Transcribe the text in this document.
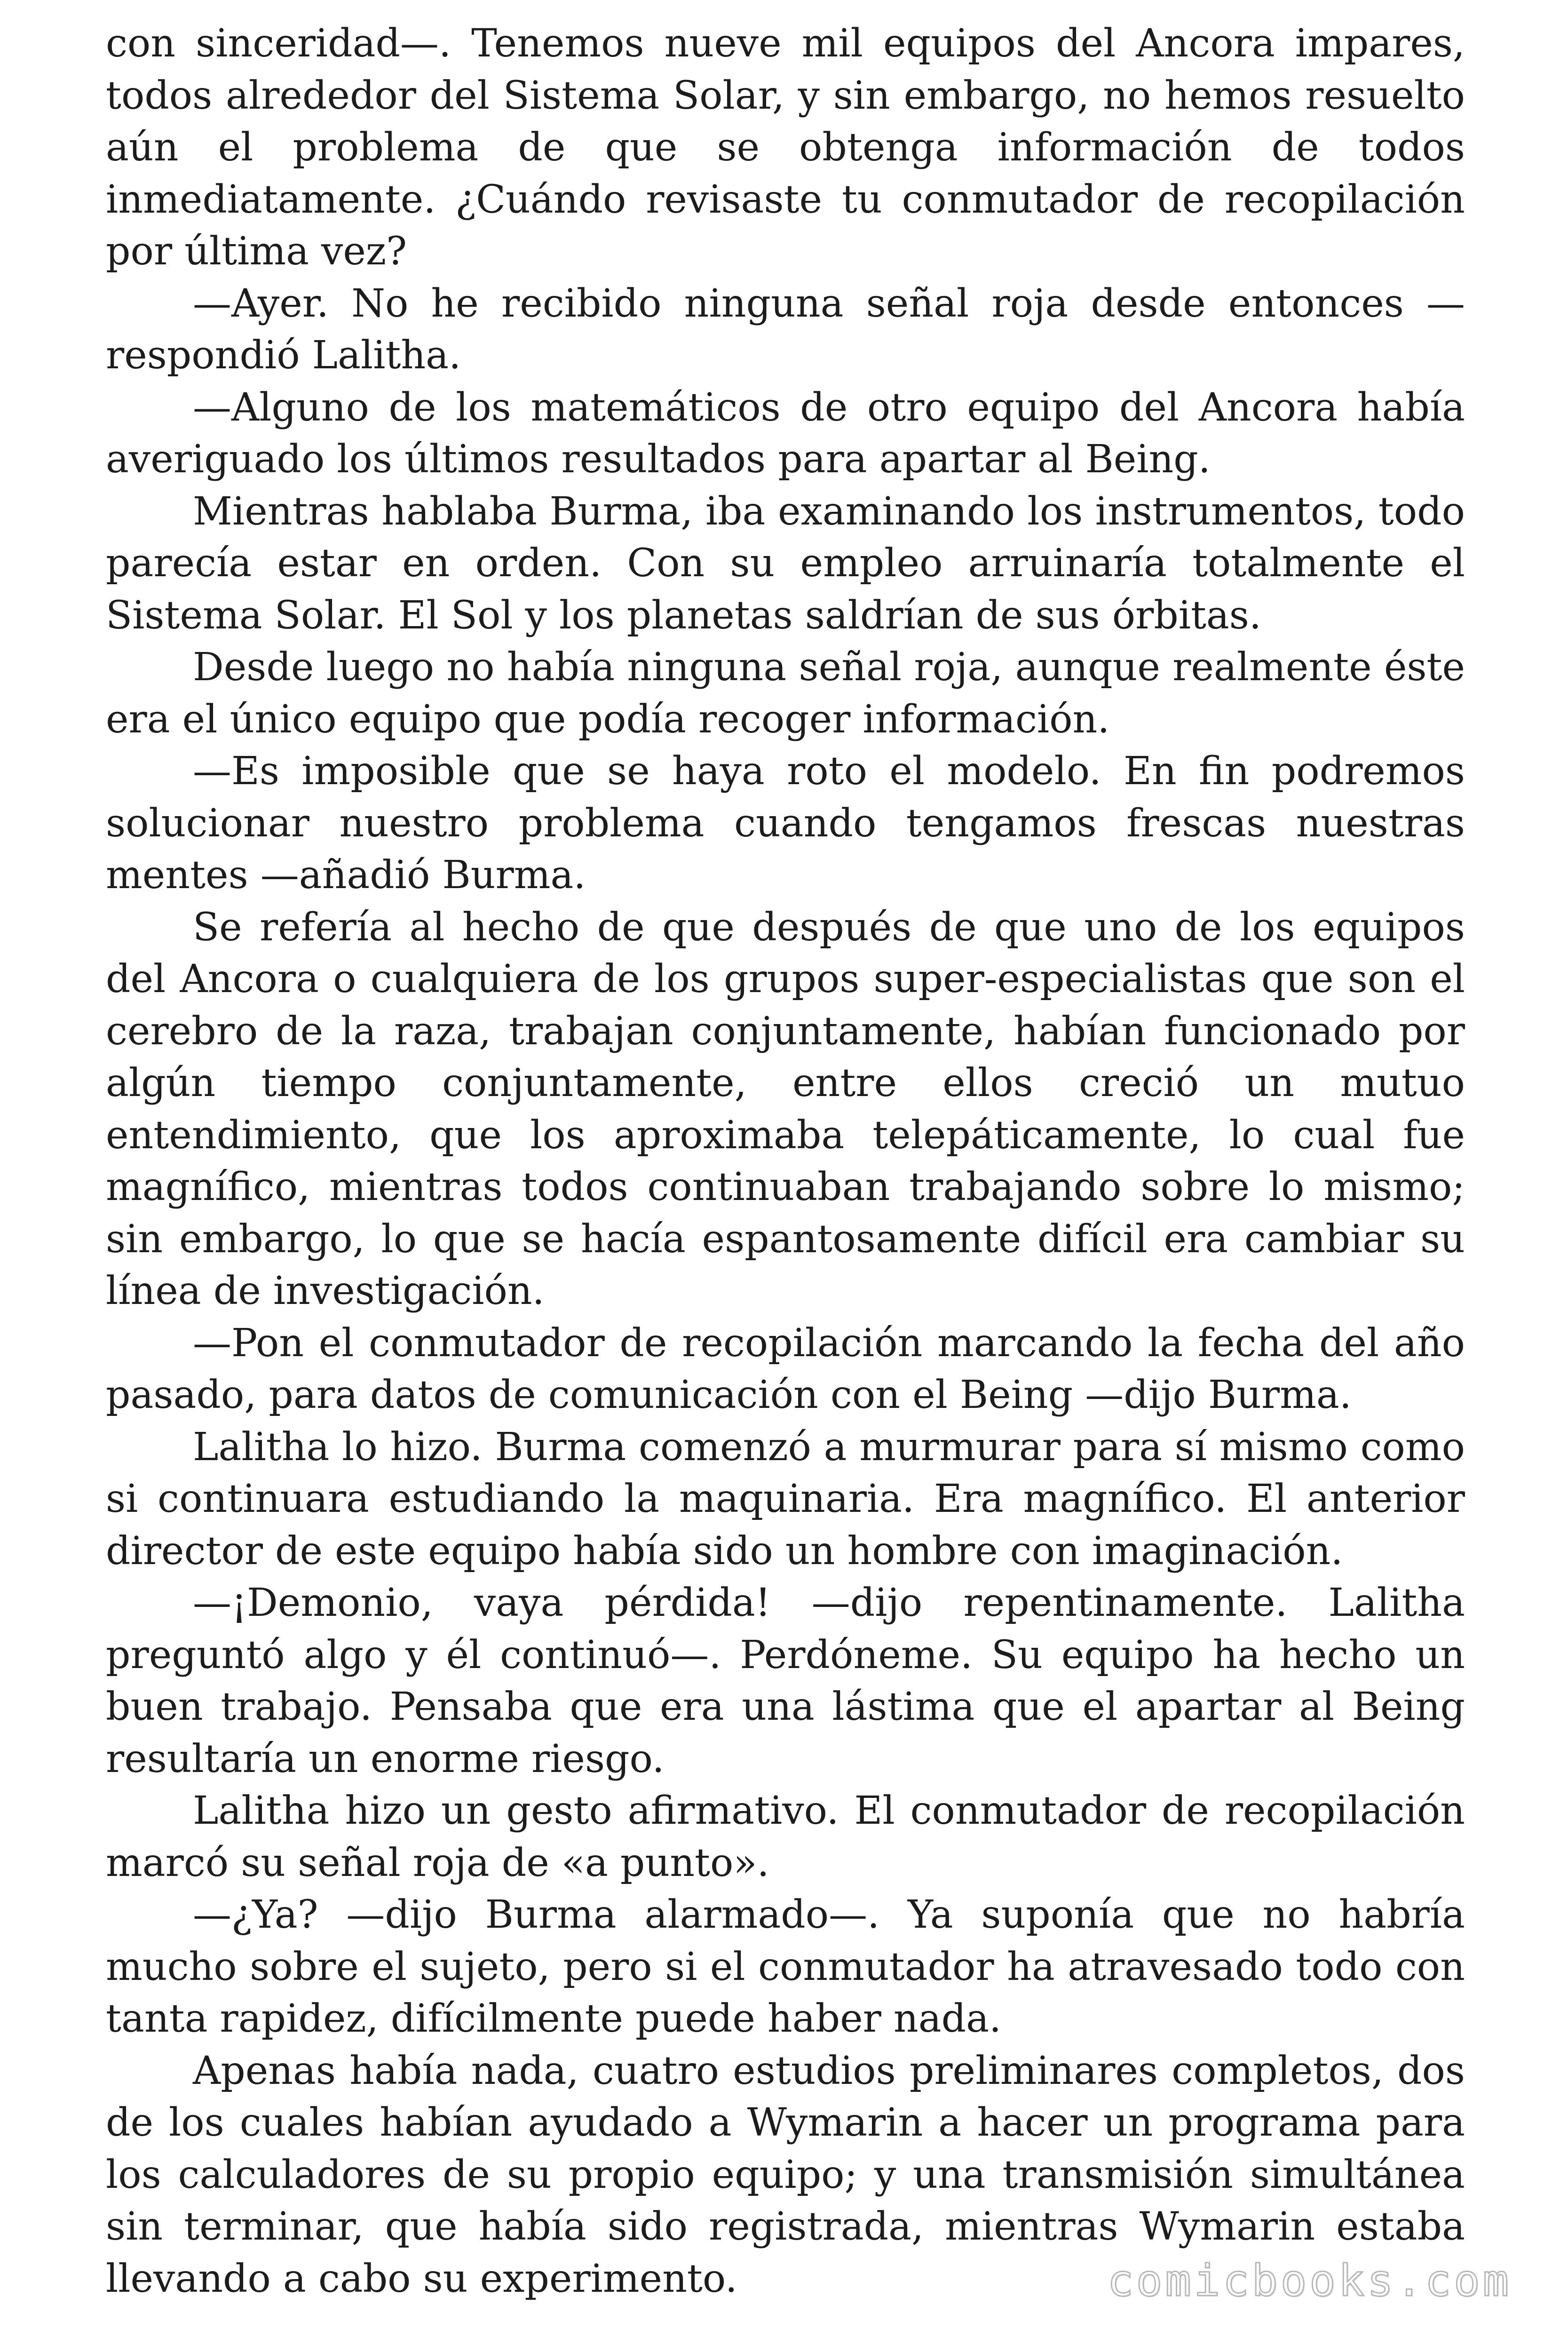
con sinceridad—. Tenemos nueve mil equipos del Ancora impares, todos alrededor del Sistema Solar, y sin embargo, no hemos resuelto aún el problema de que se obtenga información de todos inmediatamente. ¿Cuándo revisaste tu conmutador de recopilación por última vez?

—Ayer. No he recibido ninguna señal roja desde entonces —respondió Lalitha.

—Alguno de los matemáticos de otro equipo del Ancora había averiguado los últimos resultados para apartar al Being.

Mientras hablaba Burma, iba examinando los instrumentos, todo parecía estar en orden. Con su empleo arruinaría totalmente el Sistema Solar. El Sol y los planetas saldrían de sus órbitas.

Desde luego no había ninguna señal roja, aunque realmente éste era el único equipo que podía recoger información.

—Es imposible que se haya roto el modelo. En fin podremos solucionar nuestro problema cuando tengamos frescas nuestras mentes —añadió Burma.

Se refería al hecho de que después de que uno de los equipos del Ancora o cualquiera de los grupos super-especialistas que son el cerebro de la raza, trabajan conjuntamente, habían funcionado por algún tiempo conjuntamente, entre ellos creció un mutuo entendimiento, que los aproximaba telepáticamente, lo cual fue magnífico, mientras todos continuaban trabajando sobre lo mismo; sin embargo, lo que se hacía espantosamente difícil era cambiar su línea de investigación.

—Pon el conmutador de recopilación marcando la fecha del año pasado, para datos de comunicación con el Being —dijo Burma.

Lalitha lo hizo. Burma comenzó a murmurar para sí mismo como si continuara estudiando la maquinaria. Era magnífico. El anterior director de este equipo había sido un hombre con imaginación.

—¡Demonio, vaya pérdida! —dijo repentinamente. Lalitha preguntó algo y él continuó—. Perdóneme. Su equipo ha hecho un buen trabajo. Pensaba que era una lástima que el apartar al Being resultaría un enorme riesgo.

Lalitha hizo un gesto afirmativo. El conmutador de recopilación marcó su señal roja de «a punto».

—¿Ya? —dijo Burma alarmado—. Ya suponía que no habría mucho sobre el sujeto, pero si el conmutador ha atravesado todo con tanta rapidez, difícilmente puede haber nada.

Apenas había nada, cuatro estudios preliminares completos, dos de los cuales habían ayudado a Wymarin a hacer un programa para los calculadores de su propio equipo; y una transmisión simultánea sin terminar, que había sido registrada, mientras Wymarin estaba llevando a cabo su experimento.	comicbooks.com
